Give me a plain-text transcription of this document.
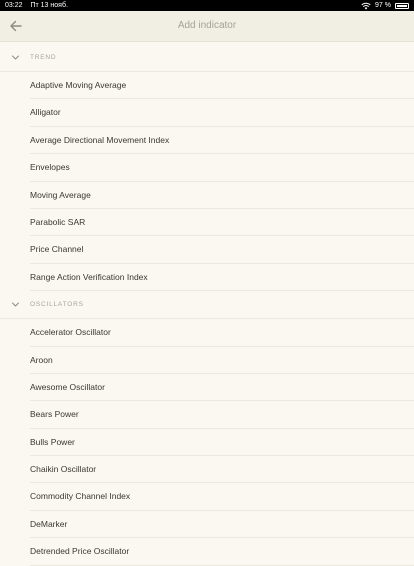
03:22 Пт 13 нояб.	97 %
Add indicator
TREND
Adaptive Moving Average
Alligator
Average Directional Movement Index
Envelopes
Moving Average
Parabolic SAR
Price Channel
Range Action Verification Index
OSCILLATORS
Accelerator Oscillator
Aroon
Awesome Oscillator
Bears Power
Bulls Power
Chaikin Oscillator
Commodity Channel Index
DeMarker
Detrended Price Oscillator
